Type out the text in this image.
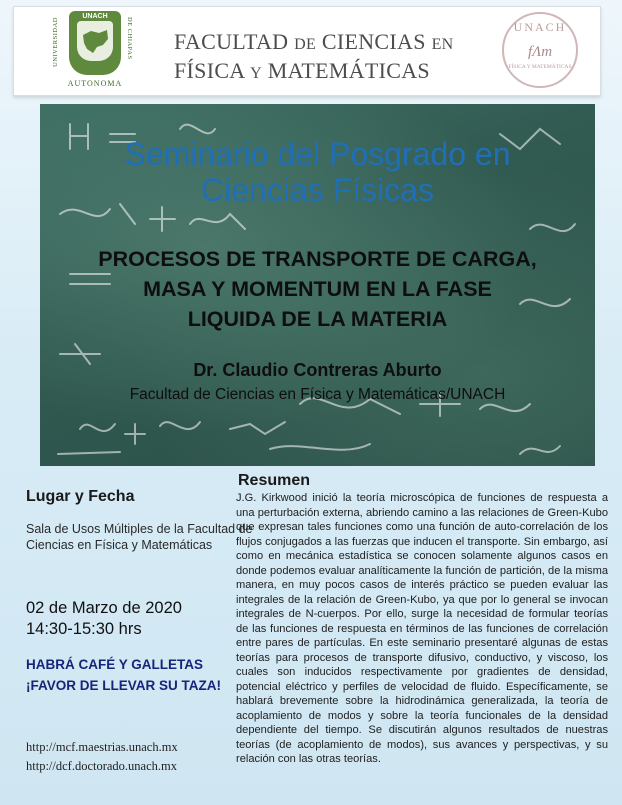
UNIVERSIDAD
UNACH
DE CHIAPAS
AUTONOMA
FACULTAD DE CIENCIAS EN
FÍSICA Y MATEMÁTICAS
UNACH
fɅm
FÍSICA Y MATEMÁTICAS
Seminario del Posgrado en
Ciencias Físicas
PROCESOS DE TRANSPORTE DE CARGA,
MASA Y MOMENTUM EN LA FASE
LIQUIDA DE LA MATERIA
Dr. Claudio Contreras Aburto
Facultad de Ciencias en Física y Matemáticas/UNACH
Lugar y Fecha
Sala de Usos Múltiples de la Facultad de Ciencias en Física y Matemáticas
02 de Marzo de 2020
14:30-15:30 hrs
HABRÁ CAFÉ Y GALLETAS
¡FAVOR DE LLEVAR SU TAZA!
http://mcf.maestrias.unach.mx
http://dcf.doctorado.unach.mx
Resumen
J.G. Kirkwood inició la teoría microscópica de funciones de respuesta a una perturbación externa, abriendo camino a las relaciones de Green-Kubo que expresan tales funciones como una función de auto-correlación de los flujos conjugados a las fuerzas que inducen el transporte. Sin embargo, así como en mecánica estadística se conocen solamente algunos casos en donde podemos evaluar analíticamente la función de partición, de la misma manera, en muy pocos casos de interés práctico se pueden evaluar las integrales de la relación de Green-Kubo, ya que por lo general se invocan integrales de N-cuerpos. Por ello, surge la necesidad de formular teorías de las funciones de respuesta en términos de las funciones de correlación entre pares de partículas. En este seminario presentaré algunas de estas teorías para procesos de transporte difusivo, conductivo, y viscoso, los cuales son inducidos respectivamente por gradientes de densidad, potencial eléctrico y perfiles de velocidad de fluido. Específicamente, se hablará brevemente sobre la hidrodinámica generalizada, la teoría de acoplamiento de modos y sobre la teoría funcionales de la densidad dependiente del tiempo. Se discutirán algunos resultados de nuestras teorías (de acoplamiento de modos), sus avances y perspectivas, y su relación con las otras teorías.
